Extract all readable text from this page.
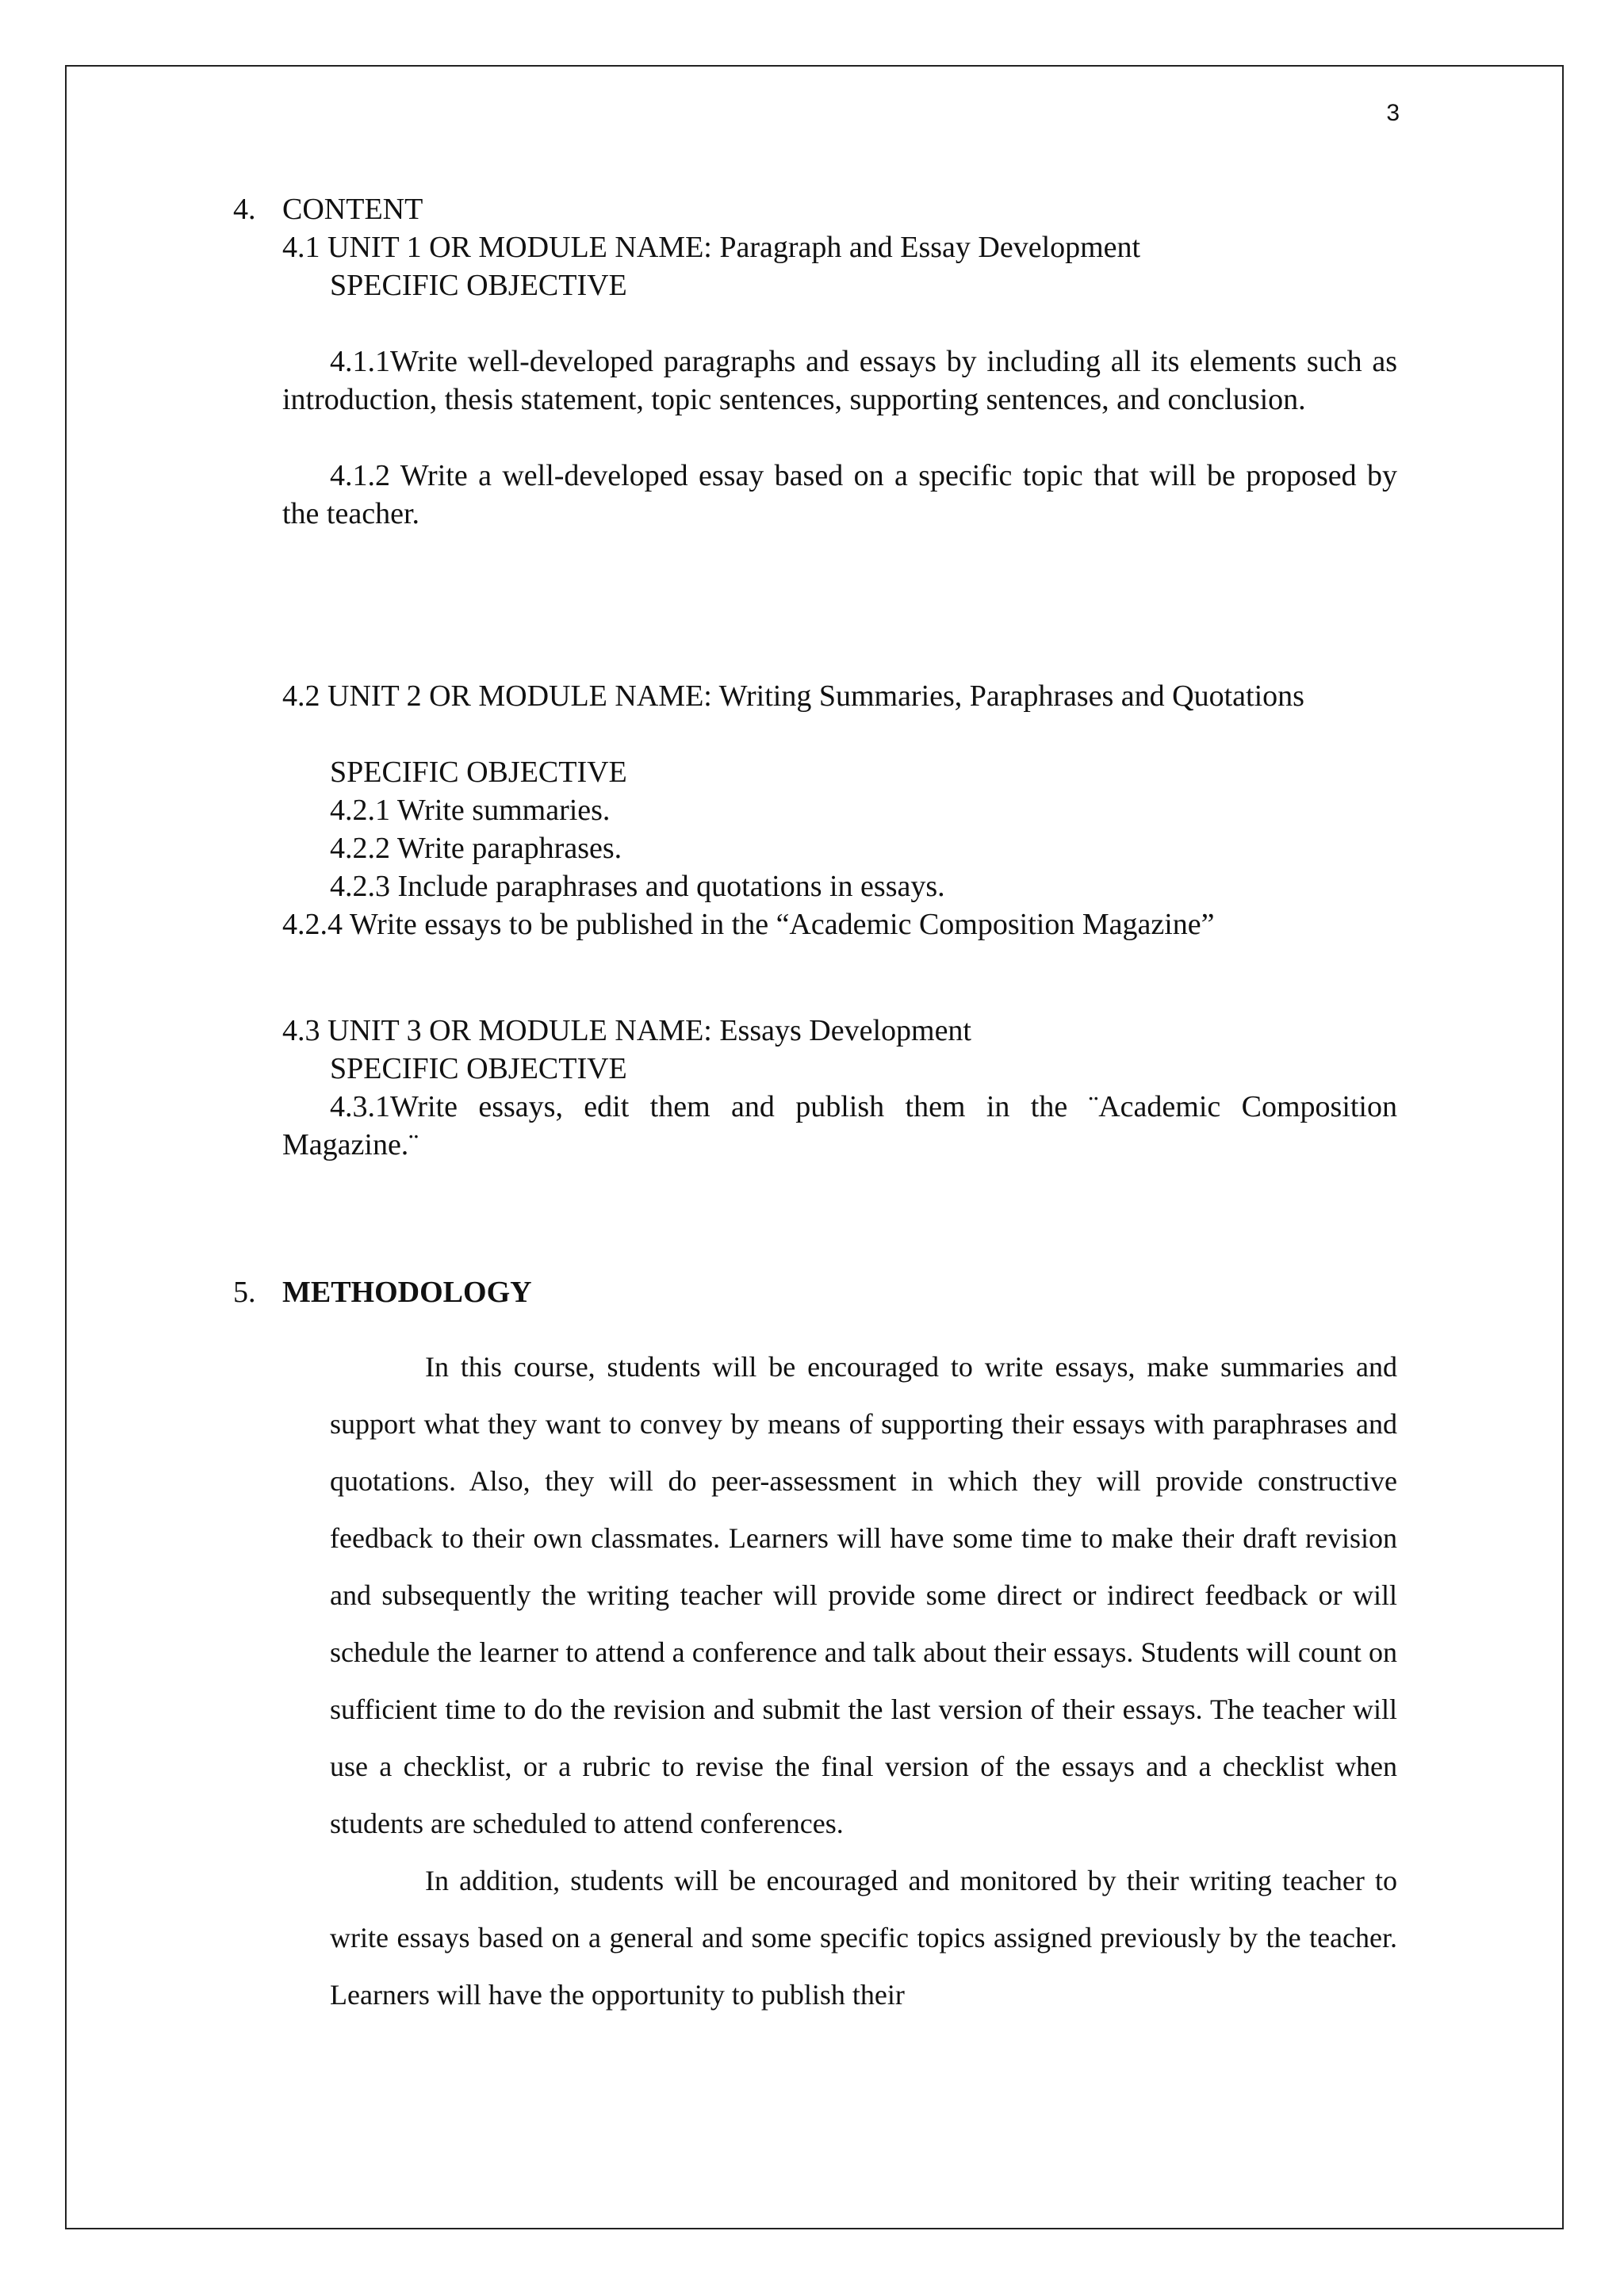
3
4. CONTENT
4.1 UNIT 1 OR MODULE NAME: Paragraph and Essay Development
SPECIFIC OBJECTIVE
4.1.1Write well-developed paragraphs and essays by including all its elements such as introduction, thesis statement, topic sentences, supporting sentences, and conclusion.
4.1.2 Write a well-developed essay based on a specific topic that will be proposed by the teacher.
4.2 UNIT 2 OR MODULE NAME: Writing Summaries, Paraphrases and Quotations
SPECIFIC OBJECTIVE
4.2.1 Write summaries.
4.2.2 Write paraphrases.
4.2.3 Include paraphrases and quotations in essays.
4.2.4 Write essays to be published in the “Academic Composition Magazine”
4.3 UNIT 3 OR MODULE NAME: Essays Development
SPECIFIC OBJECTIVE
4.3.1Write essays, edit them and publish them in the ¨Academic Composition Magazine.¨
5. METHODOLOGY

In this course, students will be encouraged to write essays, make summaries and support what they want to convey by means of supporting their essays with paraphrases and quotations. Also, they will do peer-assessment in which they will provide constructive feedback to their own classmates. Learners will have some time to make their draft revision and subsequently the writing teacher will provide some direct or indirect feedback or will schedule the learner to attend a conference and talk about their essays. Students will count on sufficient time to do the revision and submit the last version of their essays. The teacher will use a checklist, or a rubric to revise the final version of the essays and a checklist when students are scheduled to attend conferences.

In addition, students will be encouraged and monitored by their writing teacher to write essays based on a general and some specific topics assigned previously by the teacher. Learners will have the opportunity to publish their
